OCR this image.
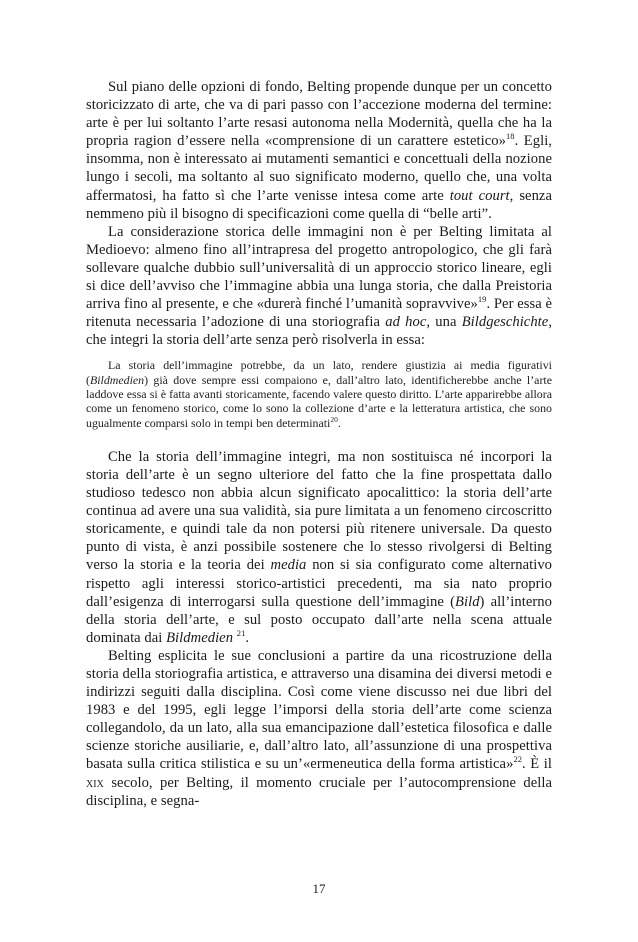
Sul piano delle opzioni di fondo, Belting propende dunque per un concetto storicizzato di arte, che va di pari passo con l’accezione moderna del termine: arte è per lui soltanto l’arte resasi autonoma nella Modernità, quella che ha la propria ragion d’essere nella «comprensione di un carattere estetico»$^{18}$. Egli, insomma, non è interessato ai mutamenti semantici e concettuali della nozione lungo i secoli, ma soltanto al suo significato moderno, quello che, una volta affermatosi, ha fatto sì che l’arte venisse intesa come arte tout court, senza nemmeno più il bisogno di specificazioni come quella di “belle arti”.

La considerazione storica delle immagini non è per Belting limitata al Medioevo: almeno fino all’intrapresa del progetto antropologico, che gli farà sollevare qualche dubbio sull’universalità di un approccio storico lineare, egli si dice dell’avviso che l’immagine abbia una lunga storia, che dalla Preistoria arriva fino al presente, e che «durerà finché l’umanità sopravvive»$^{19}$. Per essa è ritenuta necessaria l’adozione di una storiografia ad hoc, una Bildgeschichte, che integri la storia dell’arte senza però risolverla in essa:

La storia dell’immagine potrebbe, da un lato, rendere giustizia ai media figurativi (Bildmedien) già dove sempre essi compaiono e, dall’altro lato, identificherebbe anche l’arte laddove essa si è fatta avanti storicamente, facendo valere questo diritto. L’arte apparirebbe allora come un fenomeno storico, come lo sono la collezione d’arte e la letteratura artistica, che sono ugualmente comparsi solo in tempi ben determinati$^{20}$.

Che la storia dell’immagine integri, ma non sostituisca né incorpori la storia dell’arte è un segno ulteriore del fatto che la fine prospettata dallo studioso tedesco non abbia alcun significato apocalittico: la storia dell’arte continua ad avere una sua validità, sia pure limitata a un fenomeno circoscritto storicamente, e quindi tale da non potersi più ritenere universale. Da questo punto di vista, è anzi possibile sostenere che lo stesso rivolgersi di Belting verso la storia e la teoria dei media non si sia configurato come alternativo rispetto agli interessi storico-artistici precedenti, ma sia nato proprio dall’esigenza di interrogarsi sulla questione dell’immagine (Bild) all’interno della storia dell’arte, e sul posto occupato dall’arte nella scena attuale dominata dai Bildmedien $^{21}$.

Belting esplicita le sue conclusioni a partire da una ricostruzione della storia della storiografia artistica, e attraverso una disamina dei diversi metodi e indirizzi seguiti dalla disciplina. Così come viene discusso nei due libri del 1983 e del 1995, egli legge l’imporsi della storia dell’arte come scienza collegandolo, da un lato, alla sua emancipazione dall’estetica filosofica e dalle scienze storiche ausiliarie, e, dall’altro lato, all’assunzione di una prospettiva basata sulla critica stilistica e su un’«ermeneutica della forma artistica»$^{22}$. È il xix secolo, per Belting, il momento cruciale per l’autocomprensione della disciplina, e segna-

17
